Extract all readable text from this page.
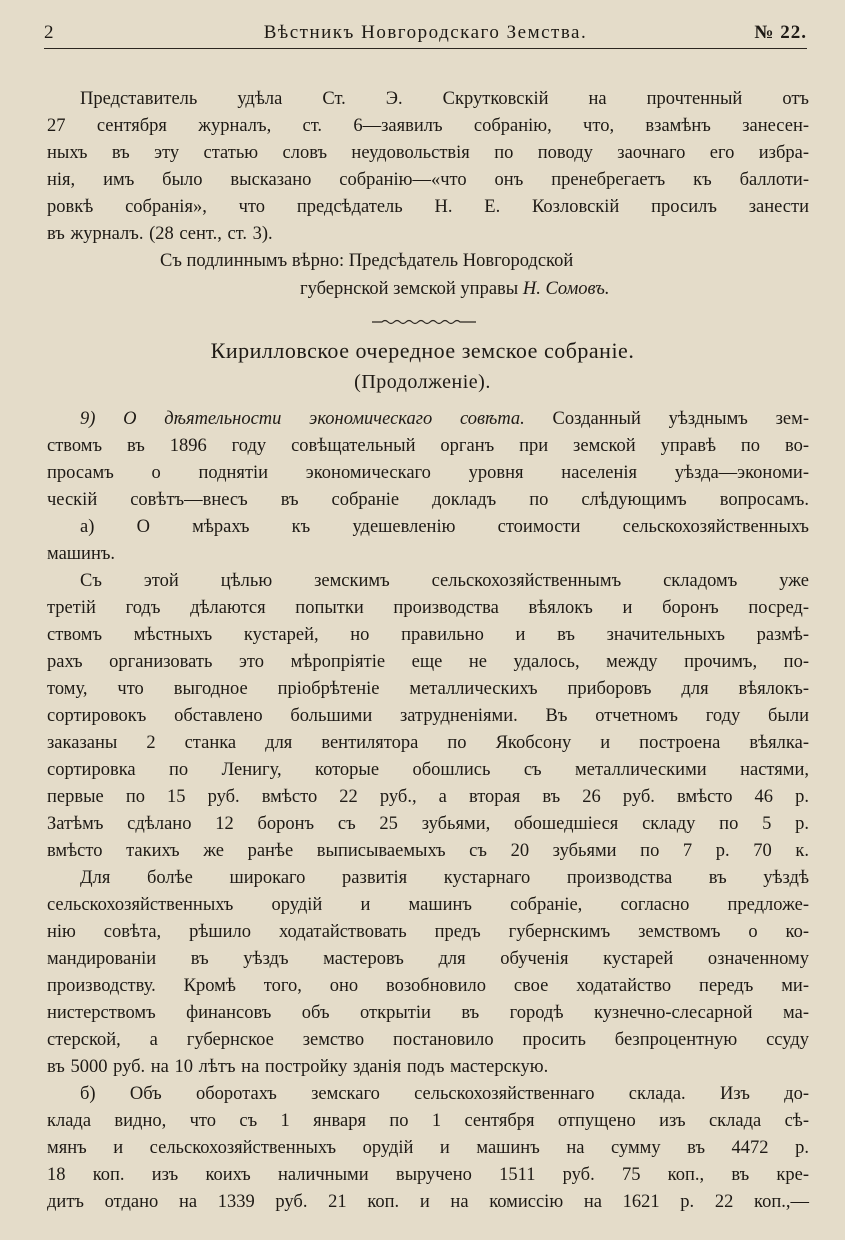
2	Вѣстникъ Новгородскаго Земства.	№ 22.
Представитель удѣла Ст. Э. Скрутковскій на прочтенный отъ
27 сентября журналъ, ст. 6—заявилъ собранію, что, взамѣнъ занесен-
ныхъ въ эту статью словъ неудовольствія по поводу заочнаго его избра-
нія, имъ было высказано собранію—«что онъ пренебрегаетъ къ баллоти-
ровкѣ собранія», что предсѣдатель Н. Е. Козловскій просилъ занести
въ журналъ. (28 сент., ст. 3).
Съ подлиннымъ вѣрно: Предсѣдатель Новгородской
губернской земской управы Н. Сомовъ.
Кирилловское очередное земское собраніе.
(Продолженіе).
9) О дѣятельности экономическаго совѣта. Созданный уѣзднымъ зем-
ствомъ въ 1896 году совѣщательный органъ при земской управѣ по во-
просамъ о поднятіи экономическаго уровня населенія уѣзда—экономи-
ческій совѣтъ—внесъ въ собраніе докладъ по слѣдующимъ вопросамъ.
а) О мѣрахъ къ удешевленію стоимости сельскохозяйственныхъ
машинъ.
Съ этой цѣлью земскимъ сельскохозяйственнымъ складомъ уже
третій годъ дѣлаются попытки производства вѣялокъ и боронъ посред-
ствомъ мѣстныхъ кустарей, но правильно и въ значительныхъ размѣ-
рахъ организовать это мѣропріятіе еще не удалось, между прочимъ, по-
тому, что выгодное пріобрѣтеніе металлическихъ приборовъ для вѣялокъ-
сортировокъ обставлено большими затрудненіями. Въ отчетномъ году были
заказаны 2 станка для вентилятора по Якобсону и построена вѣялка-
сортировка по Ленигу, которые обошлись съ металлическими настями,
первые по 15 руб. вмѣсто 22 руб., а вторая въ 26 руб. вмѣсто 46 р.
Затѣмъ сдѣлано 12 боронъ съ 25 зубьями, обошедшіеся складу по 5 р.
вмѣсто такихъ же ранѣе выписываемыхъ съ 20 зубьями по 7 р. 70 к.
Для болѣе широкаго развитія кустарнаго производства въ уѣздѣ
сельскохозяйственныхъ орудій и машинъ собраніе, согласно предложе-
нію совѣта, рѣшило ходатайствовать предъ губернскимъ земствомъ о ко-
мандированіи въ уѣздъ мастеровъ для обученія кустарей означенному
производству. Кромѣ того, оно возобновило свое ходатайство передъ ми-
нистерствомъ финансовъ объ открытіи въ городѣ кузнечно-слесарной ма-
стерской, а губернское земство постановило просить безпроцентную ссуду
въ 5000 руб. на 10 лѣтъ на постройку зданія подъ мастерскую.
б) Объ оборотахъ земскаго сельскохозяйственнаго склада. Изъ до-
клада видно, что съ 1 января по 1 сентября отпущено изъ склада сѣ-
мянъ и сельскохозяйственныхъ орудій и машинъ на сумму въ 4472 р.
18 коп. изъ коихъ наличными выручено 1511 руб. 75 коп., въ кре-
дитъ отдано на 1339 руб. 21 коп. и на комиссію на 1621 р. 22 коп.,—
